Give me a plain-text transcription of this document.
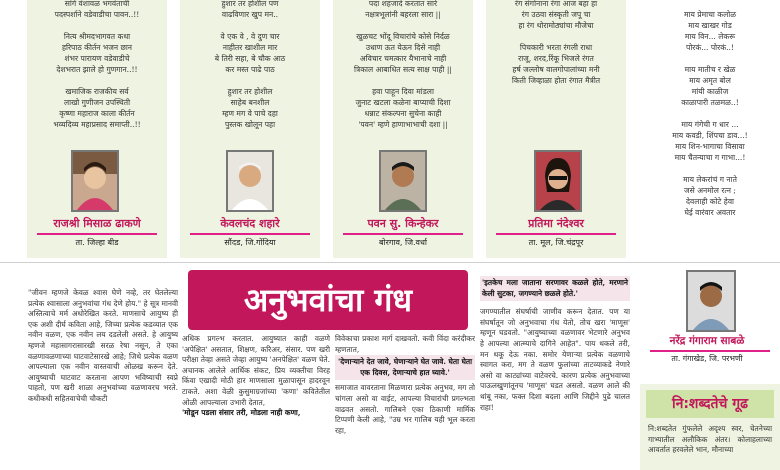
सांगे वंशावळ भगवंताची
पदस्पर्शाने वडेवाडीचा पावन..!!

नित्य श्रीमदभागवत कथा
हरिपाठ कीर्तन भजन छान
शंभर पारायण वडेवाडीचे
देशभरात झाले हो गुणगान..!!

खमाजिक राजकीय सर्व
लाखो गुणीजन उपस्थिती
कृष्णा महाराज काला कीर्तन
भव्यदिव्य महाप्रसाद समाप्ती..!!
राजश्री मिसाळ ढाकणे
ता. जिल्हा बीड
हुशार तर होशील पण
वाढविणार खुप मन..

वे एक वे , वे दुण चार
नाहीतर खाशील मार
बे तिरी सहा, बे चौक आठ
कर मस्त पाढे पाठ

हुशार तर होशील
साहेब बनशील
म्हण मग वे पाचे दहा
पुस्तक खोलून पहा
केवलचंद शहारे
सौंदड, जि.गोंदिया
पदा शहजादे करतात सारे
नक्षत्रभूलांनी बहरला सारा ||

खुळचट भोंदू विचारांचे कोसे निर्दळ
उधाण ऊत येऊन दिसे नाही
अविचार चमत्कार यैभानाचे नाही
त्रिकाल आबाधित सत्य साक्ष पाही ||

हवा पाहून दिवा मांडला
जुनाट खटला कळेना बाप्याची दिशा
धन्नाट संकल्पना सुचेना काही
'पवन' म्हणे हाणाभाभाची दशा ||
पवन सु. किन्हेकर
बोरगाव, जि.वर्धा
रंग संगोनाना रंगा आज बहा हा
रंग उठवा संस्कृती जपू चा
हा रंग थोरामोठ्यांचा मौजेचा

पिचकारी भरता रंगली राधा
राजू, शरद,रिंकू भिजले रंगत
हर्ष जल्लोष वालगोपालांच्या मनी
किती जिव्हाळा होता रंगात मैत्रीत
प्रतिमा नंदेश्वर
ता. मूल, जि.चंद्रपूर

माय प्रेमाचा कलोळ
माय खाखर गोड
माय विन... लेकरू
पोरकं... पोरकं..!

माय मातीच र खेळ
माय अमृत बोल
मांयी काळीज
काळापारी तळमळ..!

माय गंगेची ग धार ...
माय कवडी, शिंपचा डाव...!
माय शिन-भागाचा विसावा
माय चैतन्याचा ग गाभा...!

माय लेकरांचं ग नाते
जसे अनमोल रत्न ;
देवलाही कोटे हेवा
घेई वारंवार अवतार
अनुभवांचा गंध
"जीवन म्हणजे केवळ श्वास घेणे नव्हे, तर घेतलेल्या प्रत्येक श्वासाला अनुभवांचा गंध देणे होय." हे सूत्र मानवी अस्तित्वाचे मर्म अधोरेखित करते. माणसाचे आयुष्य ही एक अशी दीर्घ कविता आहे, जिच्या प्रत्येक कडव्यात एक नवीन वळण, एक नवीन लय दडलेली असते. हे आयुष्य म्हणजे महासागरासारखी सरळ रेषा नसून, ते एका वळणावळणाच्या घाटवाटेसारखे आहे; जिथे प्रत्येक वळण आपल्याला एक नवीन वास्तवाची ओळख करून देते. आयुष्याची घाटवाट करताना आपण भविष्याची स्वप्ने पाहतो, पण खरी शाळा अनुभवांच्या वळणावरच भरते. कधीकधी सहितवाचेची चौकटी
अधिक प्रगल्भ करतात. आयुष्यात काही वळणे 'अपेक्षित' असतात, शिक्षण, करिअर, संसार. पण खरी परीक्षा तेव्हा असते जेव्हा आयुष्य 'अनपेक्षित' वळण घेते. अचानक आलेले आर्थिक संकट, प्रिय व्यक्तीचा विरह किंवा एखादी मोठी हार माणसाला मुळापासून हादरवून टाकते. अशा वेळी कुसुमाग्रजांच्या 'कणा' कवितेतील ओळी आपल्याला उभारी देतात,
'मोडून पडला संसार तरी, मोडला नाही कणा,
विवेकाचा प्रकाश मार्ग दाखवतो. कवी विंदा करंदीकर म्हणतात,
'देणाऱ्याने देत जावे, घेणाऱ्याने घेत जावे. घेता घेता एक दिवस, देणाऱ्याचे हात घ्यावे.'
समाजात वावरताना मिळणारा प्रत्येक अनुभव, मग तो चांगला असो वा वाईट, आपल्या विचारांची प्रगल्भता वाढवत असतो. गालिबने एका ठिकाणी मार्मिक टिप्पणी केली आहे, "उम्र भर गालिब यही भूल करता रहा,
'इतकेच मला जाताना सरणावर कळले होते, मरणाने केली सुटका, जगण्याने छळले होते.'
जगण्यातील संघर्षाची जाणीव करून देतात. पण या संघर्षातून जो अनुभवाचा गंध येतो, तोच खरा 'माणूस' म्हणून घडवतो. "आयुष्याच्या वळणावर भेटणारे अनुभव हे आपल्या आत्म्याचे दागिने आहेत". पाय थकले तरी, मन थकू देऊ नका. समोर येणाऱ्या प्रत्येक वळणाचे स्वागत करा, मग ते वळण फुलांच्या ताटव्याकडे नेणारे असो वा काट्यांच्या वाटेवरचे. कारण प्रत्येक अनुभवाच्या पाऊलखुणांतूनच 'माणूस' घडत असतो. वळण आले की थांबू नका, फक्त दिशा बदला आणि जिद्दीने पुढे चालत राहा!
नरेंद्र गंगाराम साबळे
ता. गंगाखेड, जि. परभणी
नि:शब्दतेचे गूढ
नि:शब्दतेत गुंफलेले अदृश्य स्वर, चेतनेच्या गाभ्यातील अलौकिक अंतर। कोलाहलाच्या आवर्तात हरवलेले भान, मौनाच्या
